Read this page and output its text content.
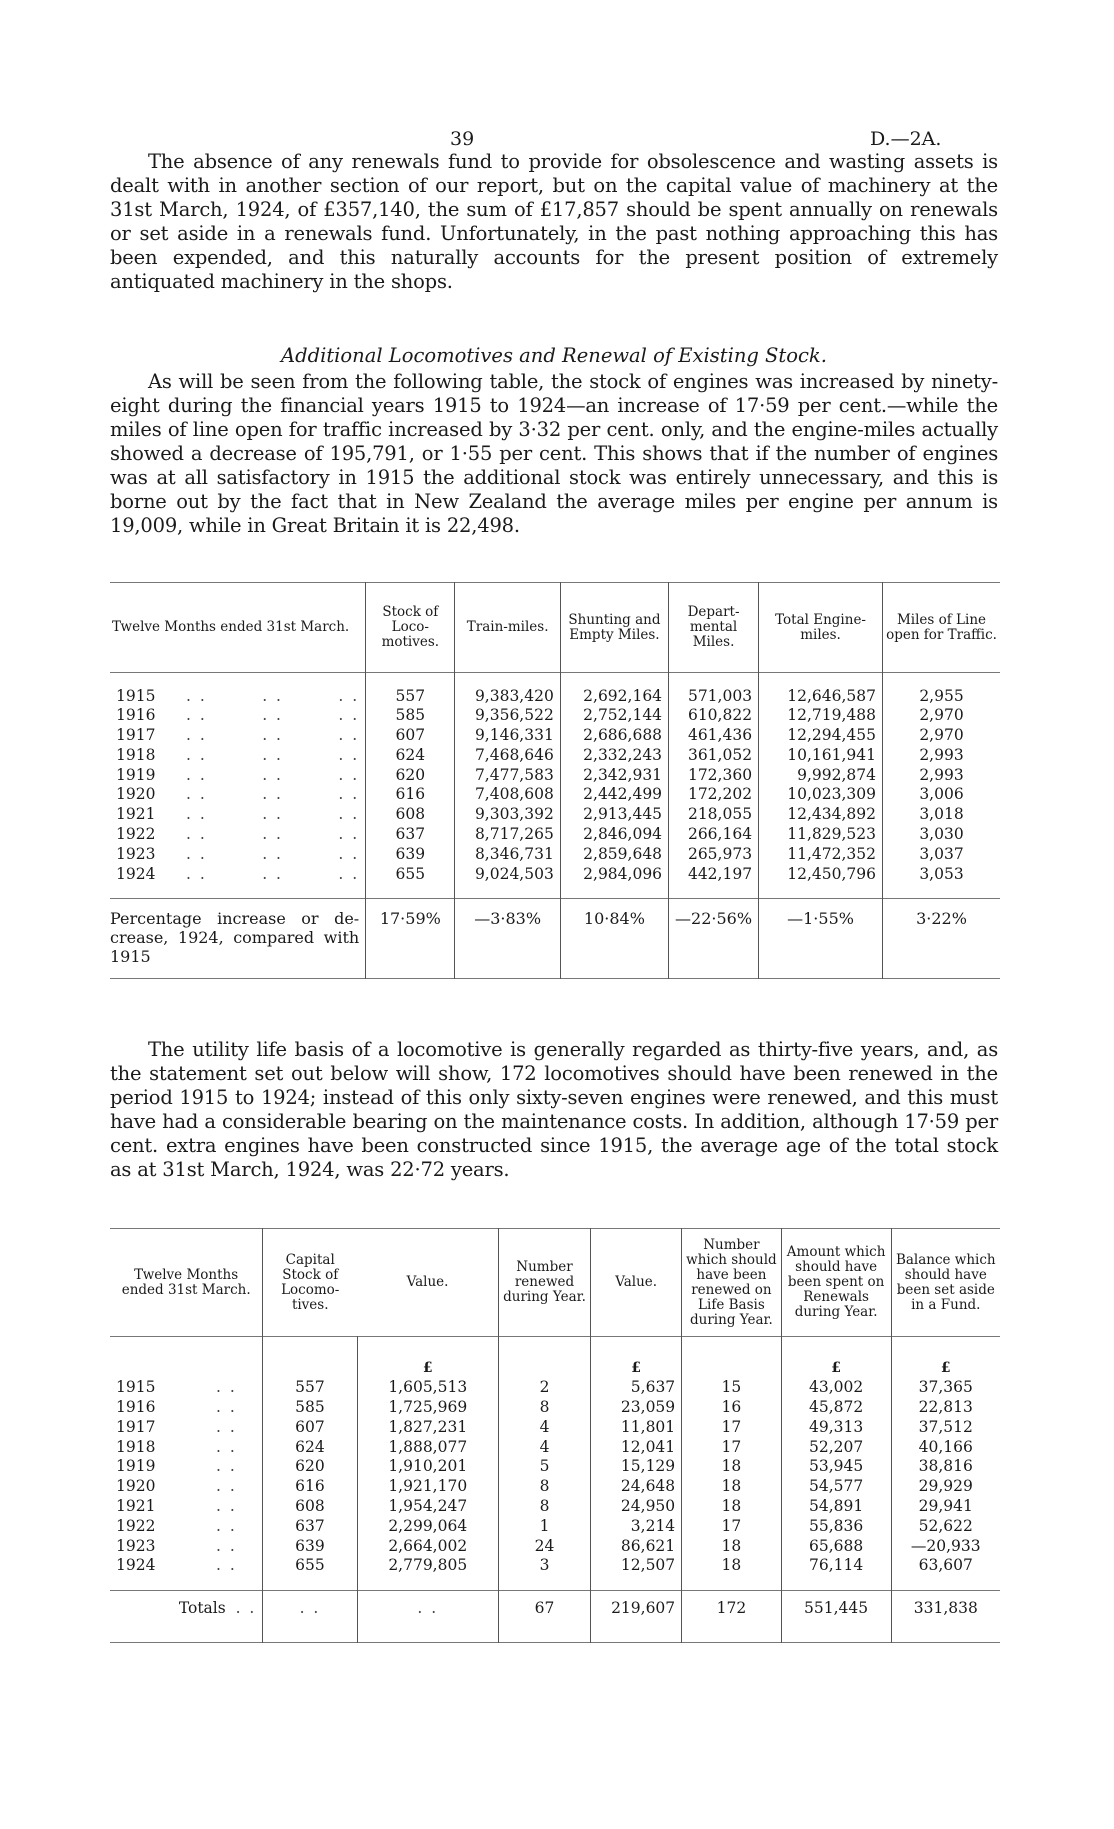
39	D.—2A.

The absence of any renewals fund to provide for obsolescence and wasting assets is dealt with in another section of our report, but on the capital value of machinery at the 31st March, 1924, of £357,140, the sum of £17,857 should be spent annually on renewals or set aside in a renewals fund. Unfortunately, in the past nothing approaching this has been expended, and this naturally accounts for the present position of extremely antiquated machinery in the shops.

Additional Locomotives and Renewal of Existing Stock.

As will be seen from the following table, the stock of engines was increased by ninety-eight during the financial years 1915 to 1924—an increase of 17·59 per cent.—while the miles of line open for traffic increased by 3·32 per cent. only, and the engine-miles actually showed a decrease of 195,791, or 1·55 per cent. This shows that if the number of engines was at all satisfactory in 1915 the additional stock was entirely unnecessary, and this is borne out by the fact that in New Zealand the average miles per engine per annum is 19,009, while in Great Britain it is 22,498.

Twelve Months ended 31st March.	Stock of Loco-motives.	Train-miles.	Shunting and Empty Miles.	Depart-mental Miles.	Total Engine-miles.	Miles of Line open for Traffic.

1915 . .        . .        . .	557	9,383,420	2,692,164	571,003	12,646,587	2,955
1916 . .        . .        . .	585	9,356,522	2,752,144	610,822	12,719,488	2,970
1917 . .        . .        . .	607	9,146,331	2,686,688	461,436	12,294,455	2,970
1918 . .        . .        . .	624	7,468,646	2,332,243	361,052	10,161,941	2,993
1919 . .        . .        . .	620	7,477,583	2,342,931	172,360	9,992,874	2,993
1920 . .        . .        . .	616	7,408,608	2,442,499	172,202	10,023,309	3,006
1921 . .        . .        . .	608	9,303,392	2,913,445	218,055	12,434,892	3,018
1922 . .        . .        . .	637	8,717,265	2,846,094	266,164	11,829,523	3,030
1923 . .        . .        . .	639	8,346,731	2,859,648	265,973	11,472,352	3,037
1924 . .        . .        . .	655	9,024,503	2,984,096	442,197	12,450,796	3,053

Percentage increase or de-crease, 1924, compared with 1915	17·59%	—3·83%	10·84%	—22·56%	—1·55%	3·22%

The utility life basis of a locomotive is generally regarded as thirty-five years, and, as the statement set out below will show, 172 locomotives should have been renewed in the period 1915 to 1924; instead of this only sixty-seven engines were renewed, and this must have had a considerable bearing on the maintenance costs. In addition, although 17·59 per cent. extra engines have been constructed since 1915, the average age of the total stock as at 31st March, 1924, was 22·72 years.

Twelve Months ended 31st March.	Capital Stock of Locomo-tives.	Value.	Number renewed during Year.	Value.	Number which should have been renewed on Life Basis during Year.	Amount which should have been spent on Renewals during Year.	Balance which should have been set aside in a Fund.

		£		£		£	£
1915 . .	557	1,605,513	2	5,637	15	43,002	37,365
1916 . .	585	1,725,969	8	23,059	16	45,872	22,813
1917 . .	607	1,827,231	4	11,801	17	49,313	37,512
1918 . .	624	1,888,077	4	12,041	17	52,207	40,166
1919 . .	620	1,910,201	5	15,129	18	53,945	38,816
1920 . .	616	1,921,170	8	24,648	18	54,577	29,929
1921 . .	608	1,954,247	8	24,950	18	54,891	29,941
1922 . .	637	2,299,064	1	3,214	17	55,836	52,622
1923 . .	639	2,664,002	24	86,621	18	65,688	—20,933
1924 . .	655	2,779,805	3	12,507	18	76,114	63,607

Totals . .	. .	. .	67	219,607	172	551,445	331,838
